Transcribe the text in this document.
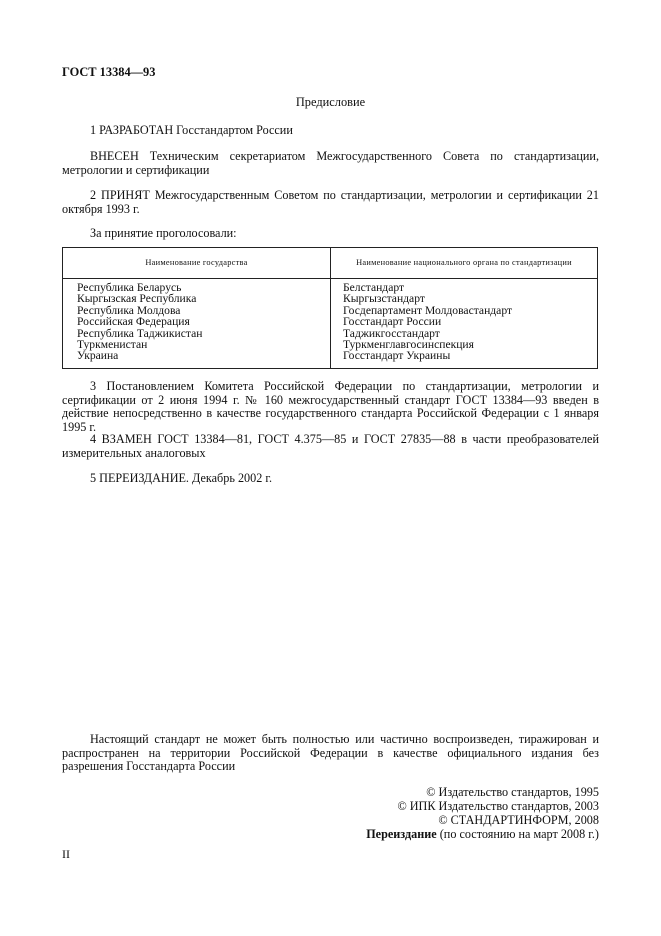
ГОСТ 13384—93
Предисловие

1 РАЗРАБОТАН Госстандартом России

ВНЕСЕН Техническим секретариатом Межгосударственного Совета по стандартизации, метрологии и сертификации

2 ПРИНЯТ Межгосударственным Советом по стандартизации, метрологии и сертификации 21 октября 1993 г.

За принятие проголосовали:

Наименование государства	Наименование национального органа по стандартизации
Республика Беларусь
Кыргызская Республика
Республика Молдова
Российская Федерация
Республика Таджикистан
Туркменистан
Украина
Белстандарт
Кыргызстандарт
Госдепартамент Молдовастандарт
Госстандарт России
Таджикгосстандарт
Туркменглавгосинспекция
Госстандарт Украины

3 Постановлением Комитета Российской Федерации по стандартизации, метрологии и сертификации от 2 июня 1994 г. № 160 межгосударственный стандарт ГОСТ 13384—93 введен в действие непосредственно в качестве государственного стандарта Российской Федерации с 1 января 1995 г.

4 ВЗАМЕН ГОСТ 13384—81, ГОСТ 4.375—85 и ГОСТ 27835—88 в части преобразователей измерительных аналоговых

5 ПЕРЕИЗДАНИЕ. Декабрь 2002 г.

Настоящий стандарт не может быть полностью или частично воспроизведен, тиражирован и распространен на территории Российской Федерации в качестве официального издания без разрешения Госстандарта России

© Издательство стандартов, 1995
© ИПК Издательство стандартов, 2003
© СТАНДАРТИНФОРМ, 2008
Переиздание (по состоянию на март 2008 г.)
II
